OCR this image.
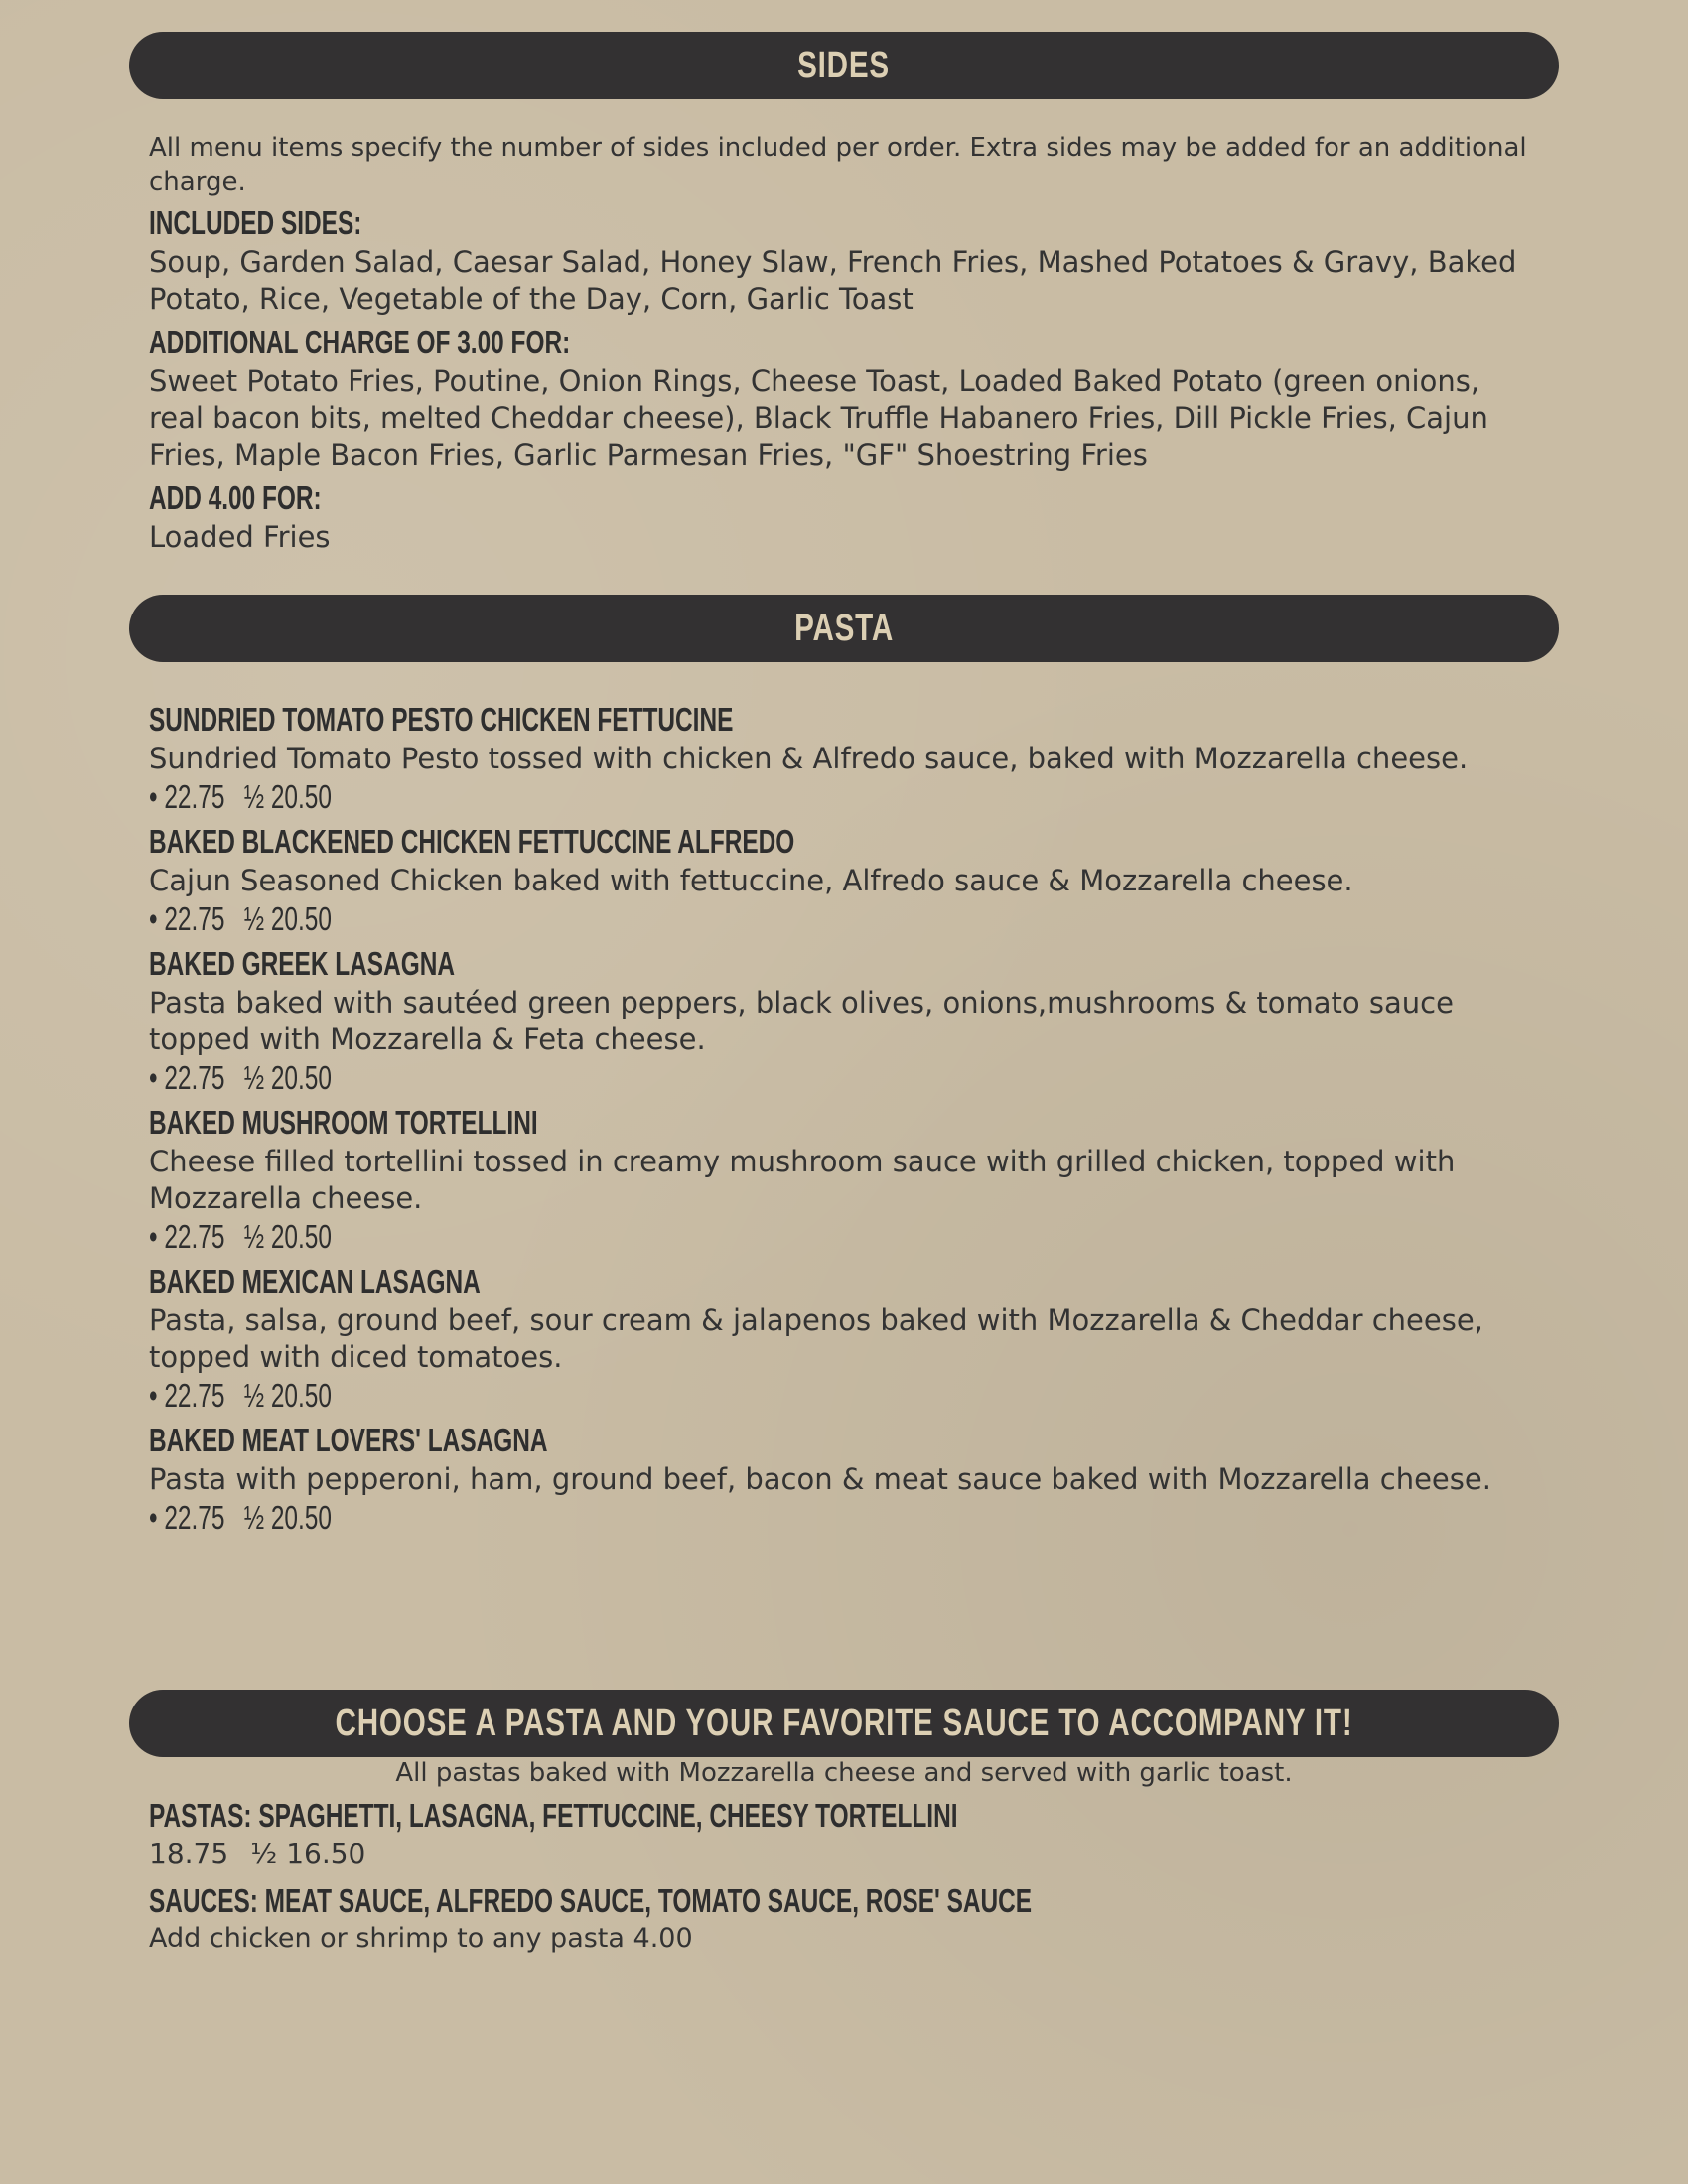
SIDES

All menu items specify the number of sides included per order. Extra sides may be added for an additional charge.

INCLUDED SIDES:

Soup, Garden Salad, Caesar Salad, Honey Slaw, French Fries, Mashed Potatoes & Gravy, Baked Potato, Rice, Vegetable of the Day, Corn, Garlic Toast

ADDITIONAL CHARGE OF 3.00 FOR:

Sweet Potato Fries, Poutine, Onion Rings, Cheese Toast, Loaded Baked Potato (green onions, real bacon bits, melted Cheddar cheese), Black Truffle Habanero Fries, Dill Pickle Fries, Cajun Fries, Maple Bacon Fries, Garlic Parmesan Fries, "GF" Shoestring Fries

ADD 4.00 FOR:

Loaded Fries

PASTA
SUNDRIED TOMATO PESTO CHICKEN FETTUCINE

Sundried Tomato Pesto tossed with chicken & Alfredo sauce, baked with Mozzarella cheese.

• 22.75 ½ 20.50
BAKED BLACKENED CHICKEN FETTUCCINE ALFREDO

Cajun Seasoned Chicken baked with fettuccine, Alfredo sauce & Mozzarella cheese.

• 22.75 ½ 20.50
BAKED GREEK LASAGNA

Pasta baked with sautéed green peppers, black olives, onions,mushrooms & tomato sauce topped with Mozzarella & Feta cheese.

• 22.75 ½ 20.50
BAKED MUSHROOM TORTELLINI

Cheese filled tortellini tossed in creamy mushroom sauce with grilled chicken, topped with Mozzarella cheese.

• 22.75 ½ 20.50
BAKED MEXICAN LASAGNA

Pasta, salsa, ground beef, sour cream & jalapenos baked with Mozzarella & Cheddar cheese, topped with diced tomatoes.

• 22.75 ½ 20.50
BAKED MEAT LOVERS' LASAGNA

Pasta with pepperoni, ham, ground beef, bacon & meat sauce baked with Mozzarella cheese.

• 22.75 ½ 20.50
CHOOSE A PASTA AND YOUR FAVORITE SAUCE TO ACCOMPANY IT!

All pastas baked with Mozzarella cheese and served with garlic toast.

PASTAS: SPAGHETTI, LASAGNA, FETTUCCINE, CHEESY TORTELLINI

18.75 ½ 16.50

SAUCES: MEAT SAUCE, ALFREDO SAUCE, TOMATO SAUCE, ROSE' SAUCE

Add chicken or shrimp to any pasta 4.00
